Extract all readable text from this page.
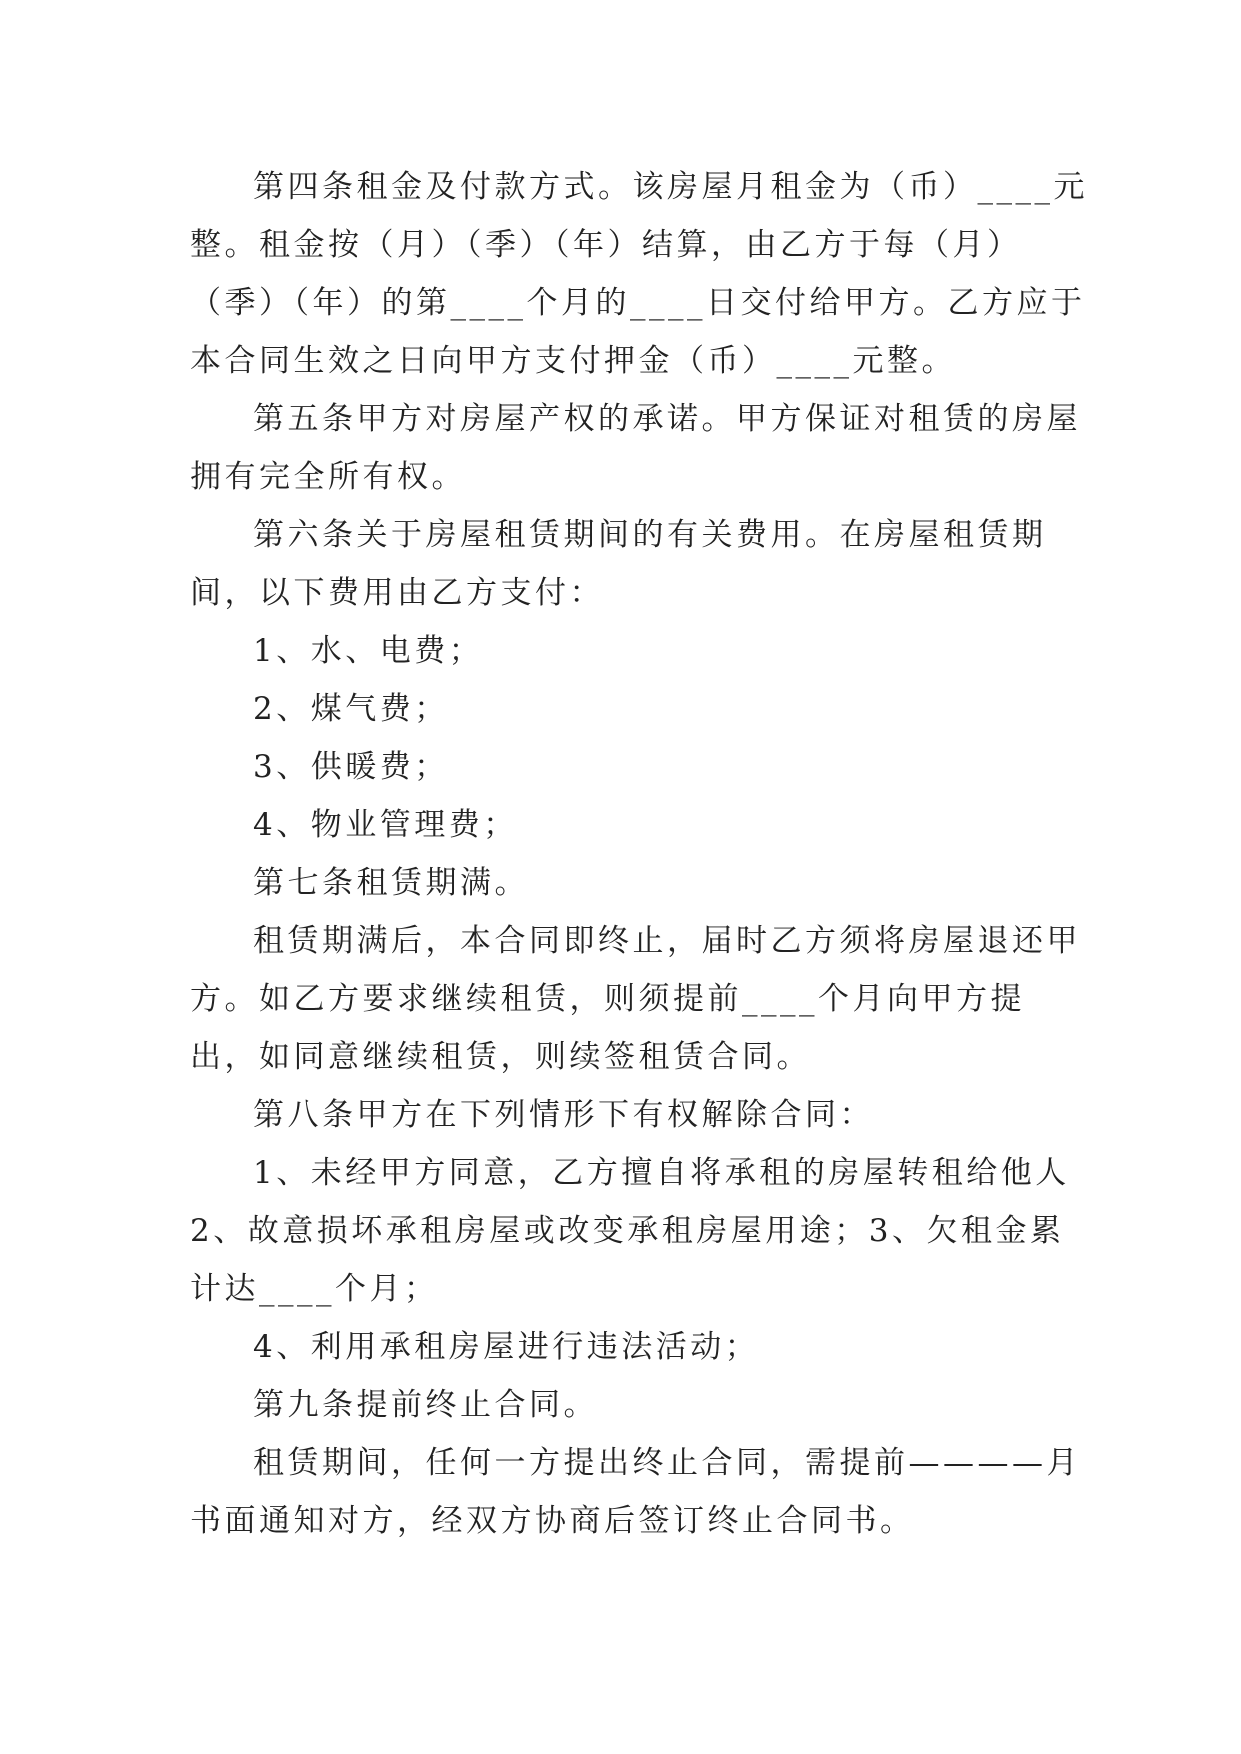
第四条租金及付款方式。该房屋月租金为（币）____元整。租金按（月）（季）（年）结算，由乙方于每（月）（季）（年）的第____个月的____日交付给甲方。乙方应于本合同生效之日向甲方支付押金（币）____元整。

第五条甲方对房屋产权的承诺。甲方保证对租赁的房屋拥有完全所有权。

第六条关于房屋租赁期间的有关费用。在房屋租赁期间，以下费用由乙方支付：

1、水、电费；

2、煤气费；

3、供暖费；

4、物业管理费；

第七条租赁期满。

租赁期满后，本合同即终止，届时乙方须将房屋退还甲方。如乙方要求继续租赁，则须提前____个月向甲方提出，如同意继续租赁，则续签租赁合同。

第八条甲方在下列情形下有权解除合同：

1、未经甲方同意，乙方擅自将承租的房屋转租给他人

2、故意损坏承租房屋或改变承租房屋用途；3、欠租金累计达____个月；

4、利用承租房屋进行违法活动；

第九条提前终止合同。

租赁期间，任何一方提出终止合同，需提前————月书面通知对方，经双方协商后签订终止合同书。
